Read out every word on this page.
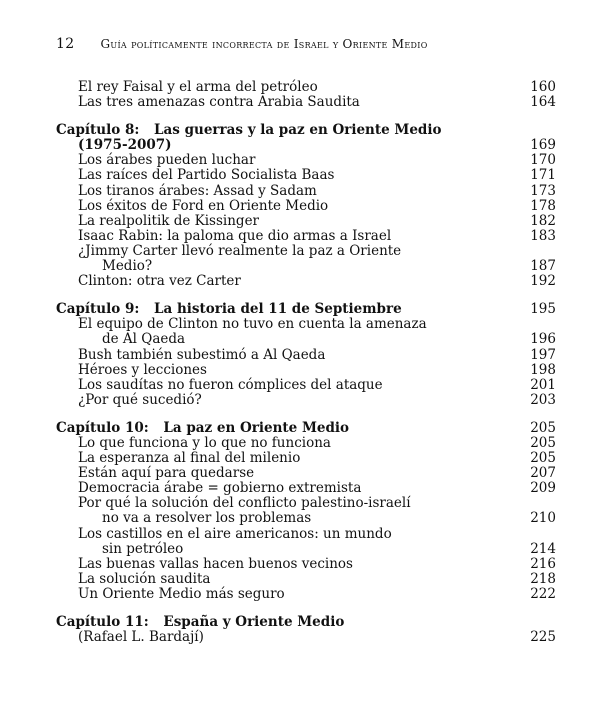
12 Guía políticamente incorrecta de Israel y Oriente Medio
El rey Faisal y el arma del petróleo	160
Las tres amenazas contra Arabia Saudita	164
Capítulo 8: Las guerras y la paz en Oriente Medio
(1975-2007)	169
Los árabes pueden luchar	170
Las raíces del Partido Socialista Baas	171
Los tiranos árabes: Assad y Sadam	173
Los éxitos de Ford en Oriente Medio	178
La realpolitik de Kissinger	182
Isaac Rabin: la paloma que dio armas a Israel	183
¿Jimmy Carter llevó realmente la paz a Oriente
Medio?	187
Clinton: otra vez Carter	192
Capítulo 9: La historia del 11 de Septiembre	195
El equipo de Clinton no tuvo en cuenta la amenaza
de Al Qaeda	196
Bush también subestimó a Al Qaeda	197
Héroes y lecciones	198
Los saudítas no fueron cómplices del ataque	201
¿Por qué sucedió?	203
Capítulo 10: La paz en Oriente Medio	205
Lo que funciona y lo que no funciona	205
La esperanza al final del milenio	205
Están aquí para quedarse	207
Democracia árabe = gobierno extremista	209
Por qué la solución del conflicto palestino-israelí
no va a resolver los problemas	210
Los castillos en el aire americanos: un mundo
sin petróleo	214
Las buenas vallas hacen buenos vecinos	216
La solución saudita	218
Un Oriente Medio más seguro	222
Capítulo 11: España y Oriente Medio
(Rafael L. Bardají)	225
